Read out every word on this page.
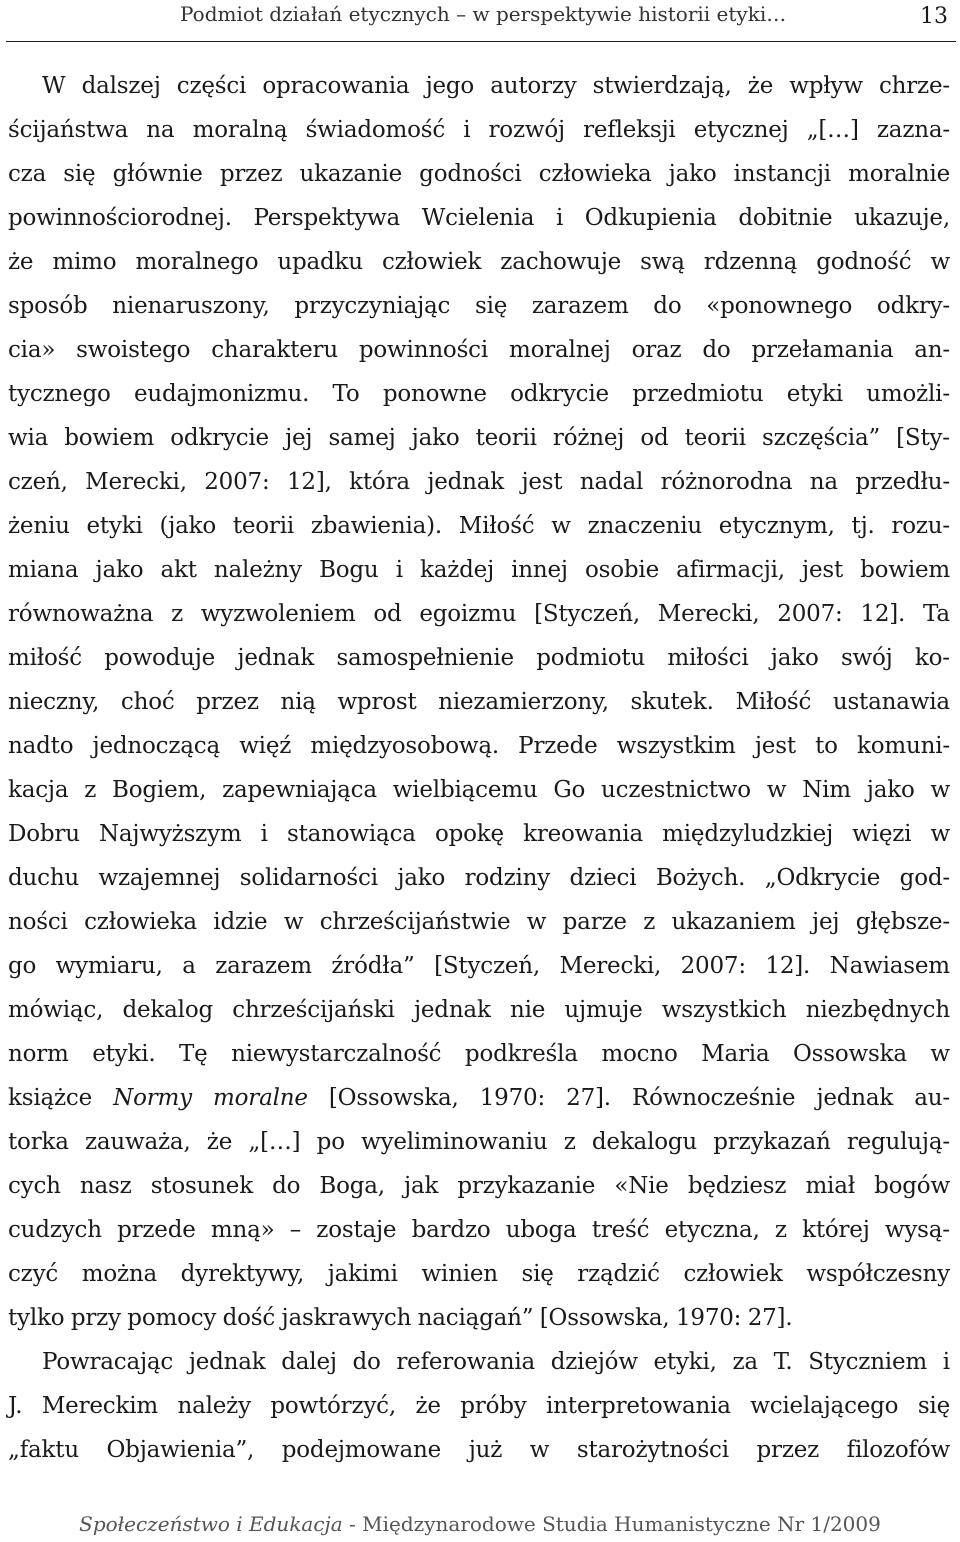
Podmiot działań etycznych – w perspektywie historii etyki…	13
W dalszej części opracowania jego autorzy stwierdzają, że wpływ chrze-
ścijaństwa na moralną świadomość i rozwój refleksji etycznej „[…] zazna-
cza się głównie przez ukazanie godności człowieka jako instancji moralnie
powinnościorodnej. Perspektywa Wcielenia i Odkupienia dobitnie ukazuje,
że mimo moralnego upadku człowiek zachowuje swą rdzenną godność w
sposób nienaruszony, przyczyniając się zarazem do «ponownego odkry-
cia» swoistego charakteru powinności moralnej oraz do przełamania an-
tycznego eudajmonizmu. To ponowne odkrycie przedmiotu etyki umożli-
wia bowiem odkrycie jej samej jako teorii różnej od teorii szczęścia” [Sty-
czeń, Merecki, 2007: 12], która jednak jest nadal różnorodna na przedłu-
żeniu etyki (jako teorii zbawienia). Miłość w znaczeniu etycznym, tj. rozu-
miana jako akt należny Bogu i każdej innej osobie afirmacji, jest bowiem
równoważna z wyzwoleniem od egoizmu [Styczeń, Merecki, 2007: 12]. Ta
miłość powoduje jednak samospełnienie podmiotu miłości jako swój ko-
nieczny, choć przez nią wprost niezamierzony, skutek. Miłość ustanawia
nadto jednoczącą więź międzyosobową. Przede wszystkim jest to komuni-
kacja z Bogiem, zapewniająca wielbiącemu Go uczestnictwo w Nim jako w
Dobru Najwyższym i stanowiąca opokę kreowania międzyludzkiej więzi w
duchu wzajemnej solidarności jako rodziny dzieci Bożych. „Odkrycie god-
ności człowieka idzie w chrześcijaństwie w parze z ukazaniem jej głębsze-
go wymiaru, a zarazem źródła” [Styczeń, Merecki, 2007: 12]. Nawiasem
mówiąc, dekalog chrześcijański jednak nie ujmuje wszystkich niezbędnych
norm etyki. Tę niewystarczalność podkreśla mocno Maria Ossowska w
książce Normy moralne [Ossowska, 1970: 27]. Równocześnie jednak au-
torka zauważa, że „[…] po wyeliminowaniu z dekalogu przykazań regulują-
cych nasz stosunek do Boga, jak przykazanie «Nie będziesz miał bogów
cudzych przede mną» – zostaje bardzo uboga treść etyczna, z której wysą-
czyć można dyrektywy, jakimi winien się rządzić człowiek współczesny
tylko przy pomocy dość jaskrawych naciągań” [Ossowska, 1970: 27].
Powracając jednak dalej do referowania dziejów etyki, za T. Styczniem i
J. Mereckim należy powtórzyć, że próby interpretowania wcielającego się
„faktu Objawienia”, podejmowane już w starożytności przez filozofów
Społeczeństwo i Edukacja - Międzynarodowe Studia Humanistyczne Nr 1/2009
